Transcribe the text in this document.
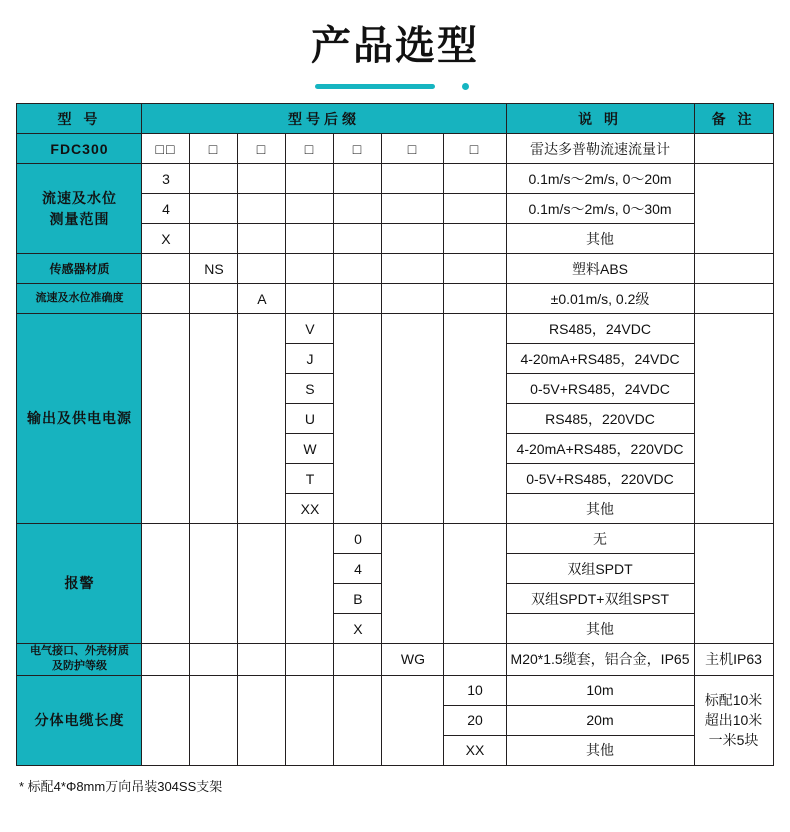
产品选型
型 号	型号后缀							说 明	备 注
FDC300	□□	□	□	□	□	□	□	雷达多普勒流速流量计	
流速及水位
测量范围	3							0.1m/s～2m/s, 0～20m	
	4							0.1m/s～2m/s, 0～30m	
	X							其他	
传感器材质		NS						塑料ABS	
流速及水位准确度			A					±0.01m/s, 0.2级	
输出及供电电源				V				RS485，24VDC	
				J				4-20mA+RS485，24VDC	
				S				0-5V+RS485，24VDC	
				U				RS485，220VDC	
				W				4-20mA+RS485，220VDC	
				T				0-5V+RS485，220VDC	
				XX				其他	
报警					0			无	
					4			双组SPDT	
					B			双组SPDT+双组SPST	
					X			其他	
电气接口、外壳材质
及防护等级						WG		M20*1.5缆套，铝合金，IP65	主机IP63
分体电缆长度							10	10m	标配10米
超出10米
一米5块
							20	20m	
							XX	其他	
* 标配4*Φ8mm万向吊装304SS支架
